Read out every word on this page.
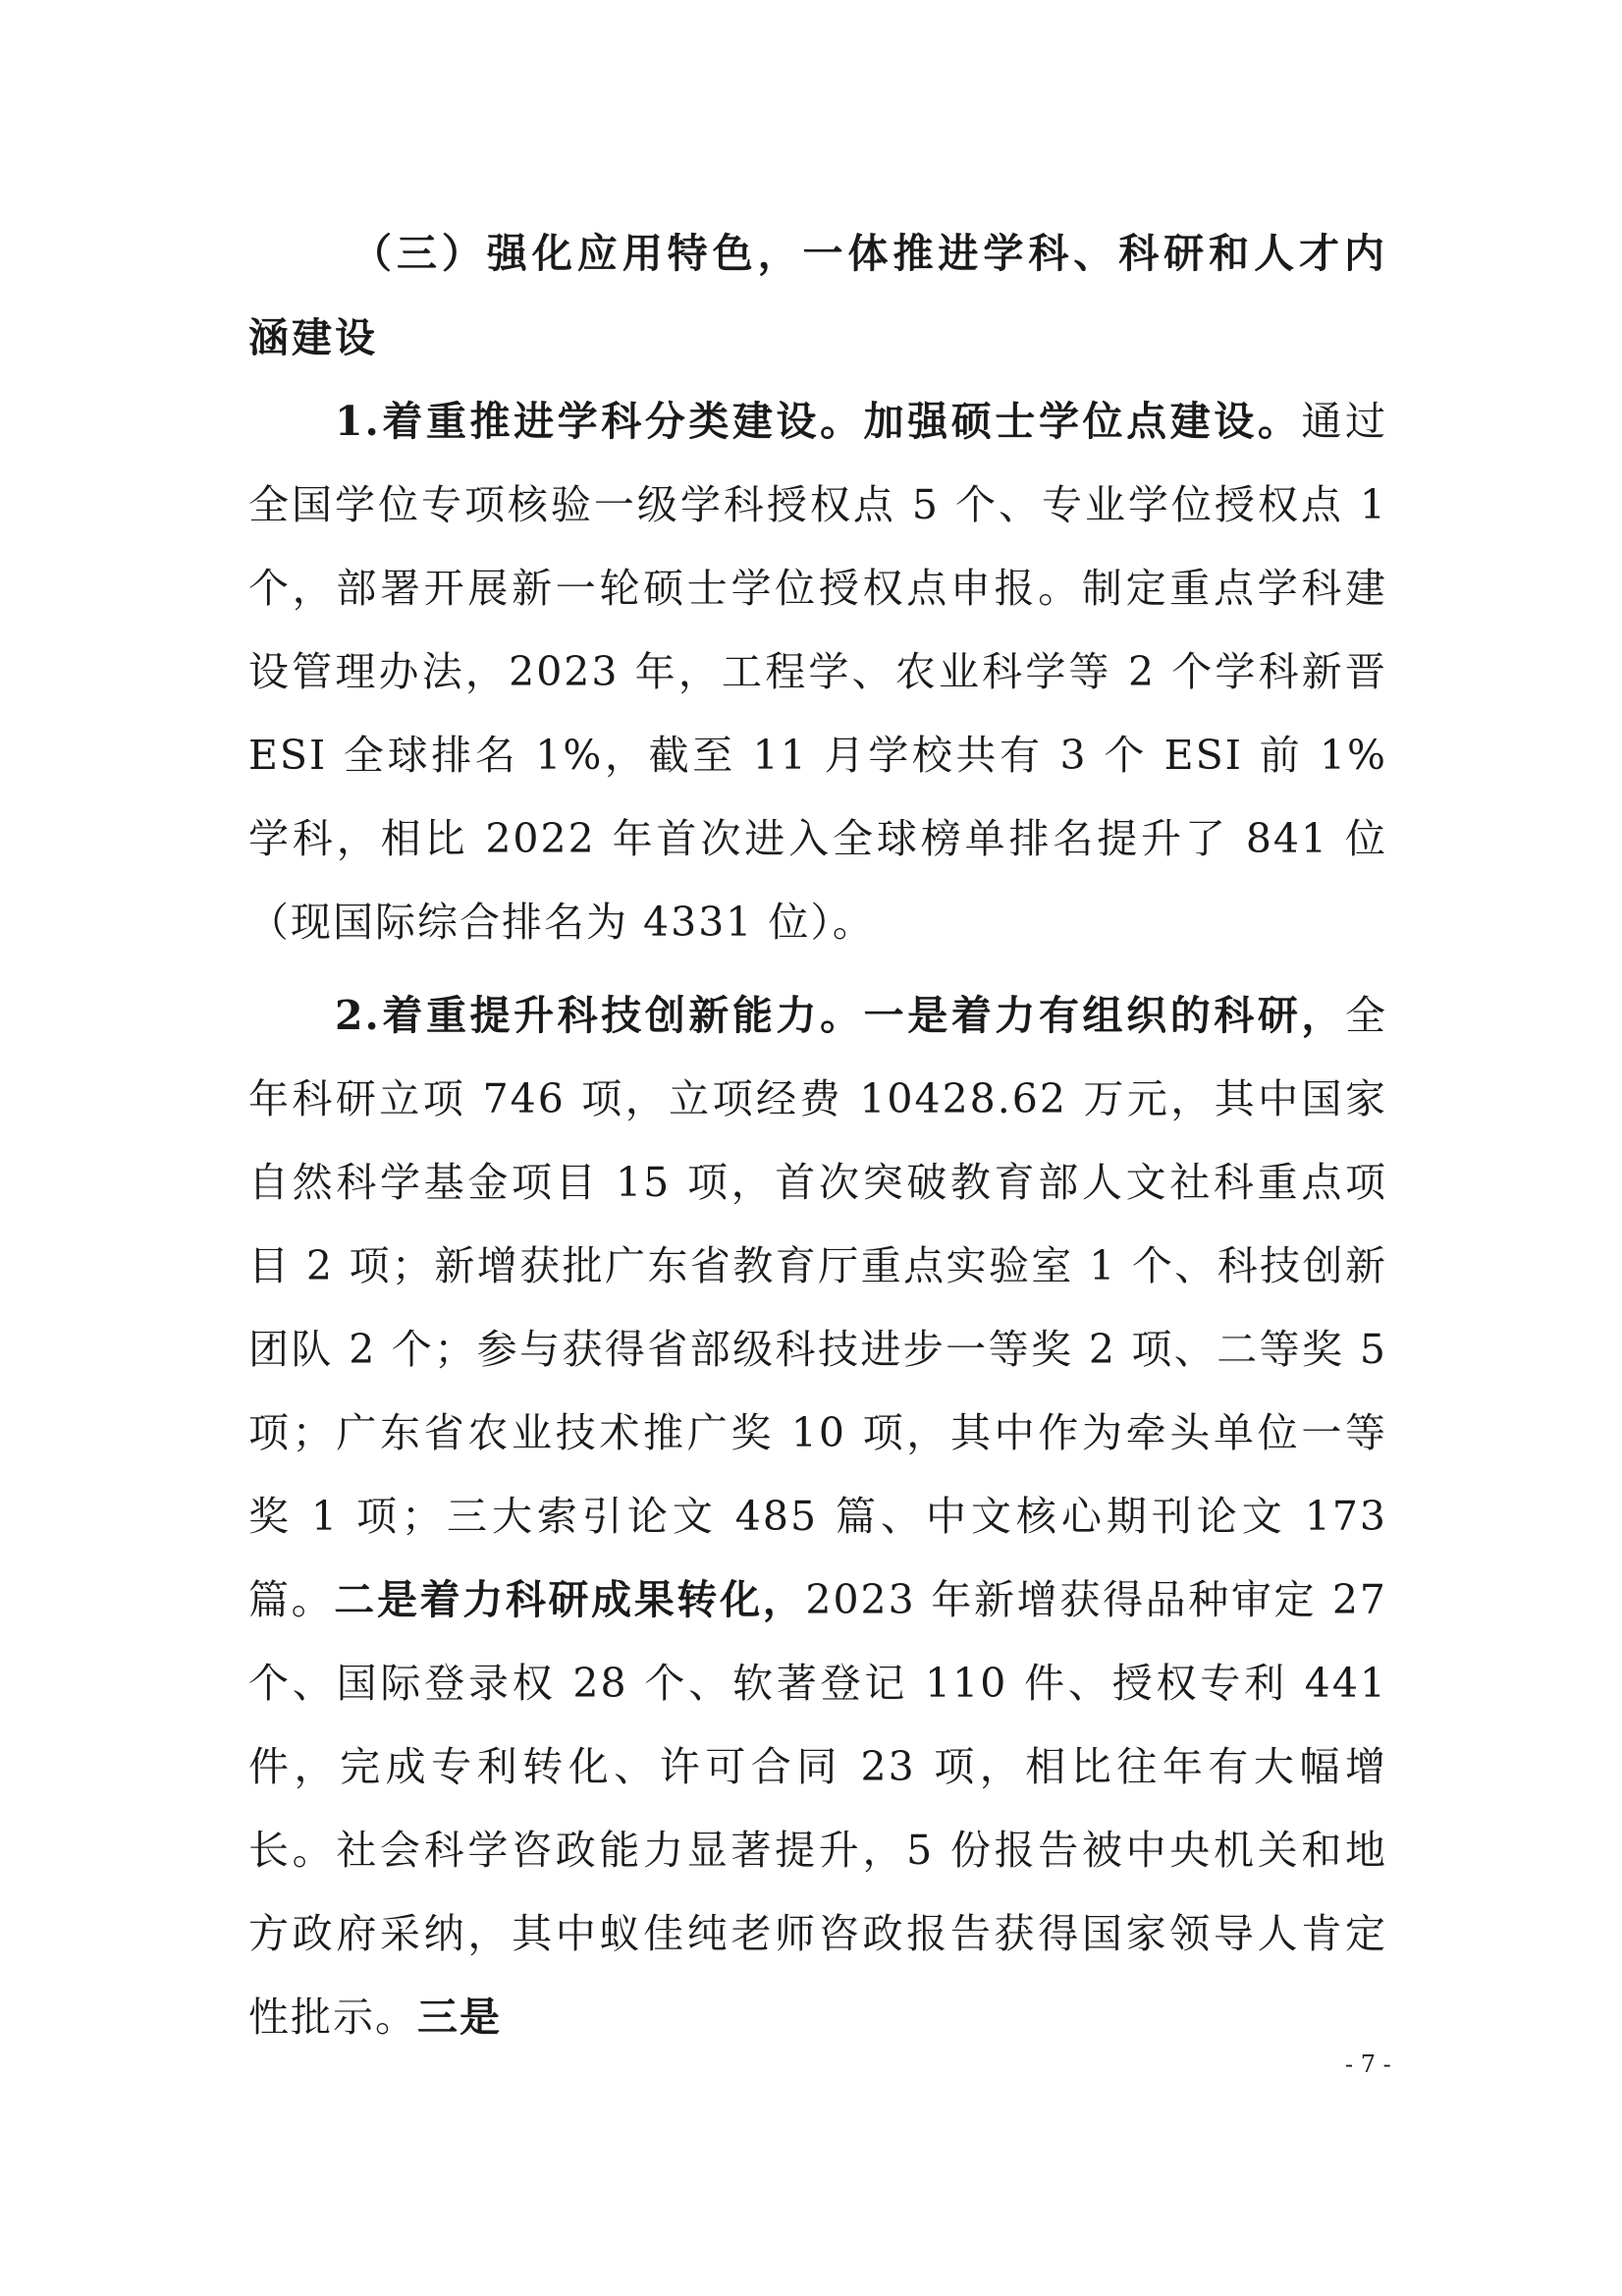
（三）强化应用特色，一体推进学科、科研和人才内涵建设

1.着重推进学科分类建设。加强硕士学位点建设。通过全国学位专项核验一级学科授权点 5 个、专业学位授权点 1 个，部署开展新一轮硕士学位授权点申报。制定重点学科建设管理办法，2023 年，工程学、农业科学等 2 个学科新晋 ESI 全球排名 1%，截至 11 月学校共有 3 个 ESI 前 1%学科，相比 2022 年首次进入全球榜单排名提升了 841 位（现国际综合排名为 4331 位）。

2.着重提升科技创新能力。一是着力有组织的科研，全年科研立项 746 项，立项经费 10428.62 万元，其中国家自然科学基金项目 15 项，首次突破教育部人文社科重点项目 2 项；新增获批广东省教育厅重点实验室 1 个、科技创新团队 2 个；参与获得省部级科技进步一等奖 2 项、二等奖 5 项；广东省农业技术推广奖 10 项，其中作为牵头单位一等奖 1 项；三大索引论文 485 篇、中文核心期刊论文 173 篇。二是着力科研成果转化，2023 年新增获得品种审定 27 个、国际登录权 28 个、软著登记 110 件、授权专利 441 件，完成专利转化、许可合同 23 项，相比往年有大幅增长。社会科学咨政能力显著提升，5 份报告被中央机关和地方政府采纳，其中蚁佳纯老师咨政报告获得国家领导人肯定性批示。三是

- 7 -
